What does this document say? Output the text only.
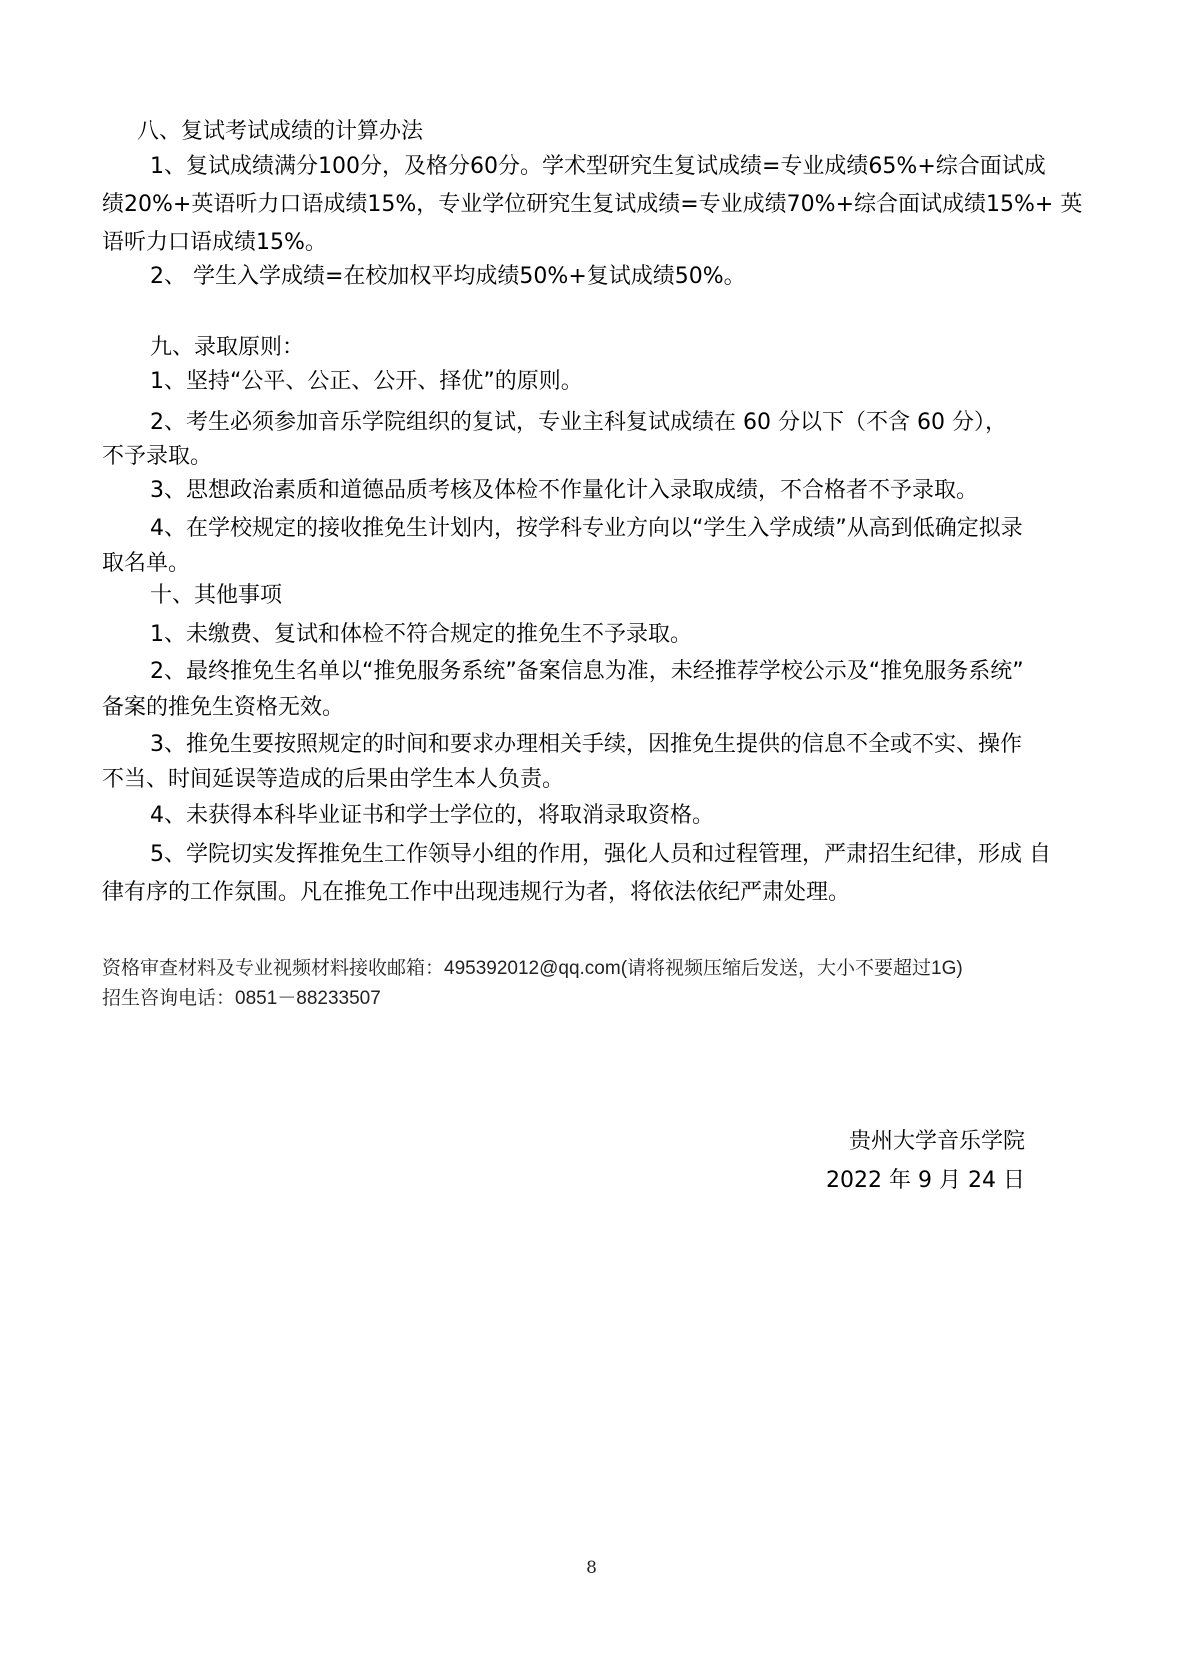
八、复试考试成绩的计算办法

1、复试成绩满分100分，及格分60分。学术型研究生复试成绩=专业成绩65%+综合面试成

绩20%+英语听力口语成绩15%，专业学位研究生复试成绩=专业成绩70%+综合面试成绩15%+ 英

语听力口语成绩15%。

2、 学生入学成绩=在校加权平均成绩50%+复试成绩50%。

九、录取原则：

1、坚持“公平、公正、公开、择优”的原则。

2、考生必须参加音乐学院组织的复试，专业主科复试成绩在 60 分以下（不含 60 分），

不予录取。

3、思想政治素质和道德品质考核及体检不作量化计入录取成绩，不合格者不予录取。

4、在学校规定的接收推免生计划内，按学科专业方向以“学生入学成绩”从高到低确定拟录

取名单。

十、其他事项

1、未缴费、复试和体检不符合规定的推免生不予录取。

2、最终推免生名单以“推免服务系统”备案信息为准，未经推荐学校公示及“推免服务系统”

备案的推免生资格无效。

3、推免生要按照规定的时间和要求办理相关手续，因推免生提供的信息不全或不实、操作

不当、时间延误等造成的后果由学生本人负责。

4、未获得本科毕业证书和学士学位的，将取消录取资格。

5、学院切实发挥推免生工作领导小组的作用，强化人员和过程管理，严肃招生纪律，形成 自

律有序的工作氛围。凡在推免工作中出现违规行为者，将依法依纪严肃处理。

资格审查材料及专业视频材料接收邮箱：495392012@qq.com(请将视频压缩后发送，大小不要超过1G)

招生咨询电话：0851－88233507

贵州大学音乐学院

2022 年 9 月 24 日

8
